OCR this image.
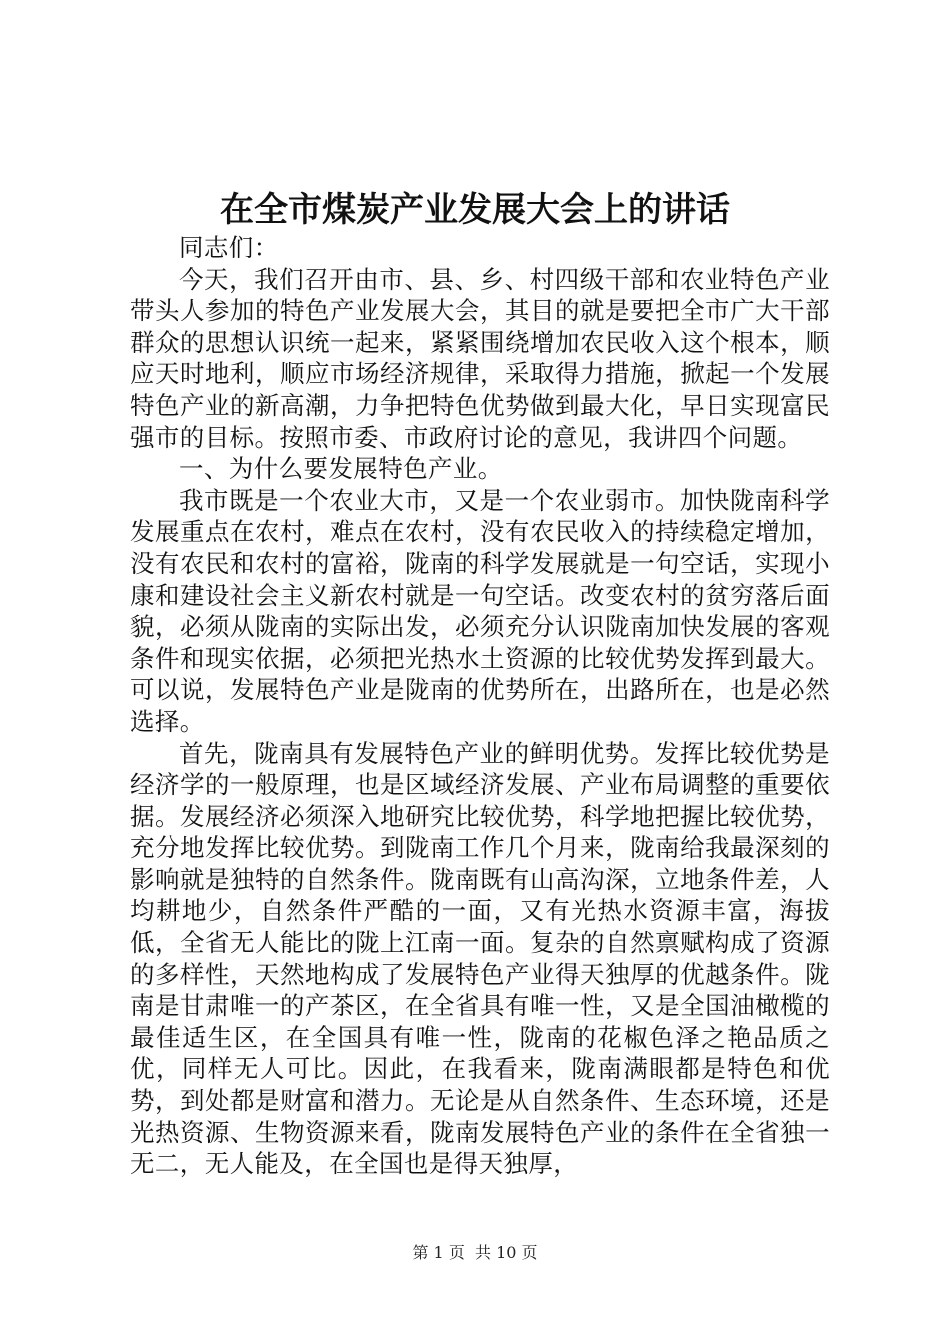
在全市煤炭产业发展大会上的讲话

同志们：

今天，我们召开由市、县、乡、村四级干部和农业特色产业带头人参加的特色产业发展大会，其目的就是要把全市广大干部群众的思想认识统一起来，紧紧围绕增加农民收入这个根本，顺应天时地利，顺应市场经济规律，采取得力措施，掀起一个发展特色产业的新高潮，力争把特色优势做到最大化，早日实现富民强市的目标。按照市委、市政府讨论的意见，我讲四个问题。

一、为什么要发展特色产业。

我市既是一个农业大市，又是一个农业弱市。加快陇南科学发展重点在农村，难点在农村，没有农民收入的持续稳定增加，没有农民和农村的富裕，陇南的科学发展就是一句空话，实现小康和建设社会主义新农村就是一句空话。改变农村的贫穷落后面貌，必须从陇南的实际出发，必须充分认识陇南加快发展的客观条件和现实依据，必须把光热水土资源的比较优势发挥到最大。可以说，发展特色产业是陇南的优势所在，出路所在，也是必然选择。

首先，陇南具有发展特色产业的鲜明优势。发挥比较优势是经济学的一般原理，也是区域经济发展、产业布局调整的重要依据。发展经济必须深入地研究比较优势，科学地把握比较优势，充分地发挥比较优势。到陇南工作几个月来，陇南给我最深刻的影响就是独特的自然条件。陇南既有山高沟深，立地条件差，人均耕地少，自然条件严酷的一面，又有光热水资源丰富，海拔低，全省无人能比的陇上江南一面。复杂的自然禀赋构成了资源的多样性，天然地构成了发展特色产业得天独厚的优越条件。陇南是甘肃唯一的产茶区，在全省具有唯一性，又是全国油橄榄的最佳适生区，在全国具有唯一性，陇南的花椒色泽之艳品质之优，同样无人可比。因此，在我看来，陇南满眼都是特色和优势，到处都是财富和潜力。无论是从自然条件、生态环境，还是光热资源、生物资源来看，陇南发展特色产业的条件在全省独一无二，无人能及，在全国也是得天独厚，

第 1 页  共 10 页
